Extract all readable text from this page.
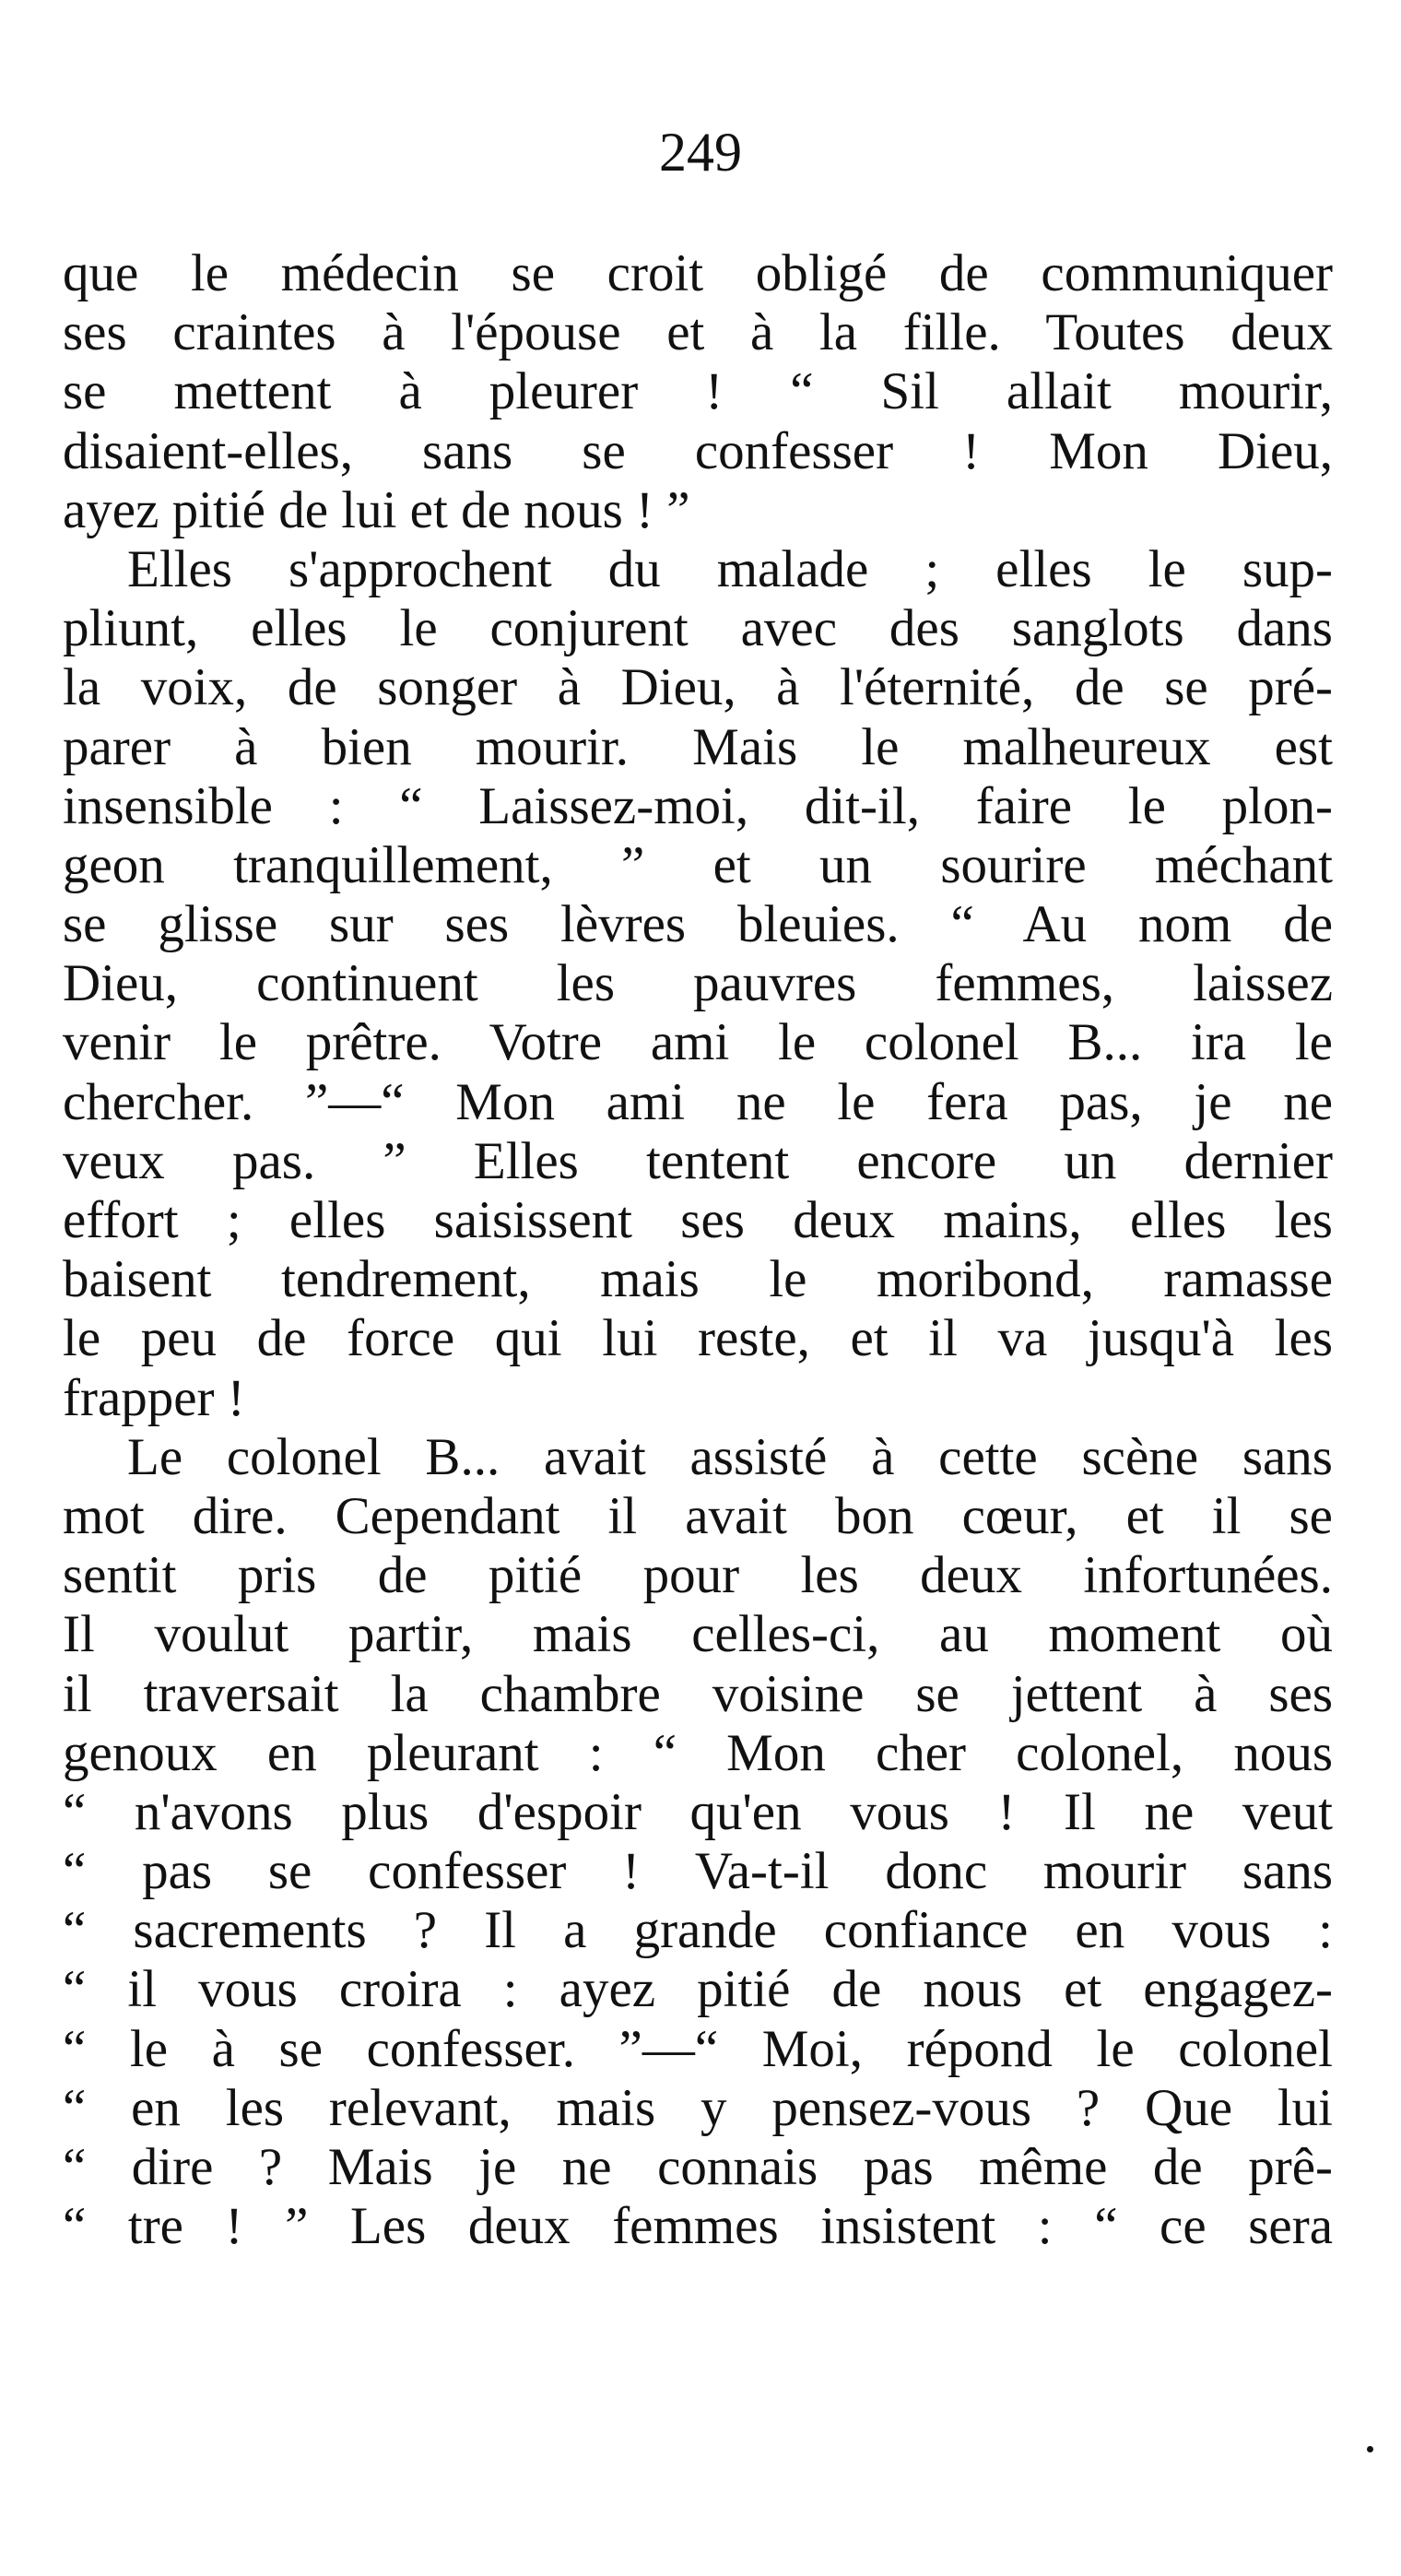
249
que le médecin se croit obligé de communiquer
ses craintes à l'épouse et à la fille. Toutes deux
se mettent à pleurer ! “ Sil allait mourir,
disaient-elles, sans se confesser ! Mon Dieu,
ayez pitié de lui et de nous ! ”
Elles s'approchent du malade ; elles le sup-
pliunt, elles le conjurent avec des sanglots dans
la voix, de songer à Dieu, à l'éternité, de se pré-
parer à bien mourir. Mais le malheureux est
insensible : “ Laissez-moi, dit-il, faire le plon-
geon tranquillement, ” et un sourire méchant
se glisse sur ses lèvres bleuies. “ Au nom de
Dieu, continuent les pauvres femmes, laissez
venir le prêtre. Votre ami le colonel B... ira le
chercher. ”—“ Mon ami ne le fera pas, je ne
veux pas. ” Elles tentent encore un dernier
effort ; elles saisissent ses deux mains, elles les
baisent tendrement, mais le moribond, ramasse
le peu de force qui lui reste, et il va jusqu'à les
frapper !
Le colonel B... avait assisté à cette scène sans
mot dire. Cependant il avait bon cœur, et il se
sentit pris de pitié pour les deux infortunées.
Il voulut partir, mais celles-ci, au moment où
il traversait la chambre voisine se jettent à ses
genoux en pleurant : “ Mon cher colonel, nous
“ n'avons plus d'espoir qu'en vous ! Il ne veut
“ pas se confesser ! Va-t-il donc mourir sans
“ sacrements ? Il a grande confiance en vous :
“ il vous croira : ayez pitié de nous et engagez-
“ le à se confesser. ”—“ Moi, répond le colonel
“ en les relevant, mais y pensez-vous ? Que lui
“ dire ? Mais je ne connais pas même de prê-
“ tre ! ” Les deux femmes insistent : “ ce sera
